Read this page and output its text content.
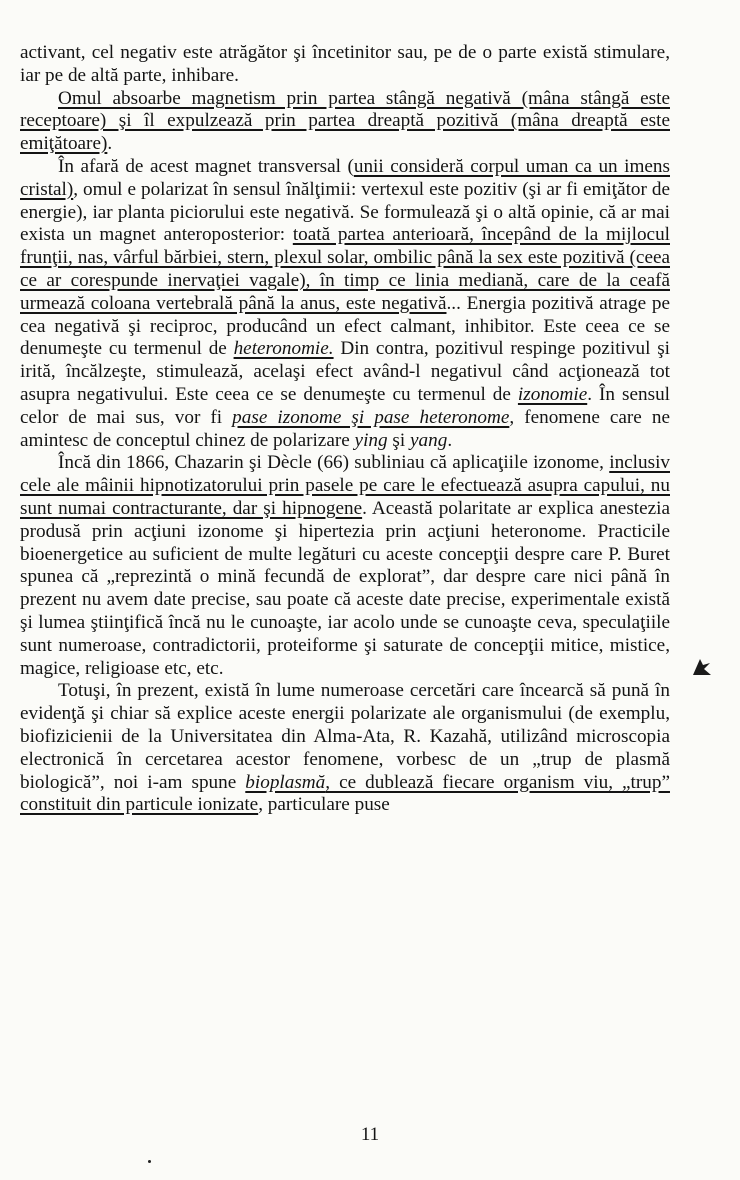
activant, cel negativ este atrăgător şi încetinitor sau, pe de o parte există stimulare, iar pe de altă parte, inhibare.

Omul absoarbe magnetism prin partea stângă negativă (mâna stângă este receptoare) şi îl expulzează prin partea dreaptă pozitivă (mâna dreaptă este emiţătoare).

În afară de acest magnet transversal (unii consideră corpul uman ca un imens cristal), omul e polarizat în sensul înălţimii: vertexul este pozitiv (şi ar fi emiţător de energie), iar planta piciorului este negativă. Se formulează şi o altă opinie, că ar mai exista un magnet anteroposterior: toată partea anterioară, începând de la mijlocul frunţii, nas, vârful bărbiei, stern, plexul solar, ombilic până la sex este pozitivă (ceea ce ar corespunde inervaţiei vagale), în timp ce linia mediană, care de la ceafă urmează coloana vertebrală până la anus, este negativă... Energia pozitivă atrage pe cea negativă şi reciproc, producând un efect calmant, inhibitor. Este ceea ce se denumeşte cu termenul de heteronomie. Din contra, pozitivul respinge pozitivul şi irită, încălzeşte, stimulează, acelaşi efect având-l negativul când acţionează tot asupra negativului. Este ceea ce se denumeşte cu termenul de izonomie. În sensul celor de mai sus, vor fi pase izonome şi pase heteronome, fenomene care ne amintesc de conceptul chinez de polarizare ying şi yang.

Încă din 1866, Chazarin şi Dècle (66) subliniau că aplicaţiile izonome, inclusiv cele ale mâinii hipnotizatorului prin pasele pe care le efectuează asupra capului, nu sunt numai contracturante, dar şi hipnogene. Această polaritate ar explica anestezia produsă prin acţiuni izonome şi hipertezia prin acţiuni heteronome. Practicile bioenergetice au suficient de multe legături cu aceste concepţii despre care P. Buret spunea că „reprezintă o mină fecundă de explorat”, dar despre care nici până în prezent nu avem date precise, sau poate că aceste date precise, experimentale există şi lumea ştiinţifică încă nu le cunoaşte, iar acolo unde se cunoaşte ceva, speculaţiile sunt numeroase, contradictorii, proteiforme şi saturate de concepţii mitice, mistice, magice, religioase etc, etc.

Totuşi, în prezent, există în lume numeroase cercetări care încearcă să pună în evidenţă şi chiar să explice aceste energii polarizate ale organismului (de exemplu, biofizicienii de la Universitatea din Alma-Ata, R. Kazahă, utilizând microscopia electronică în cercetarea acestor fenomene, vorbesc de un „trup de plasmă biologică”, noi i-am spune bioplasmă, ce dublează fiecare organism viu, „trup” constituit din particule ionizate, particulare puse

11
